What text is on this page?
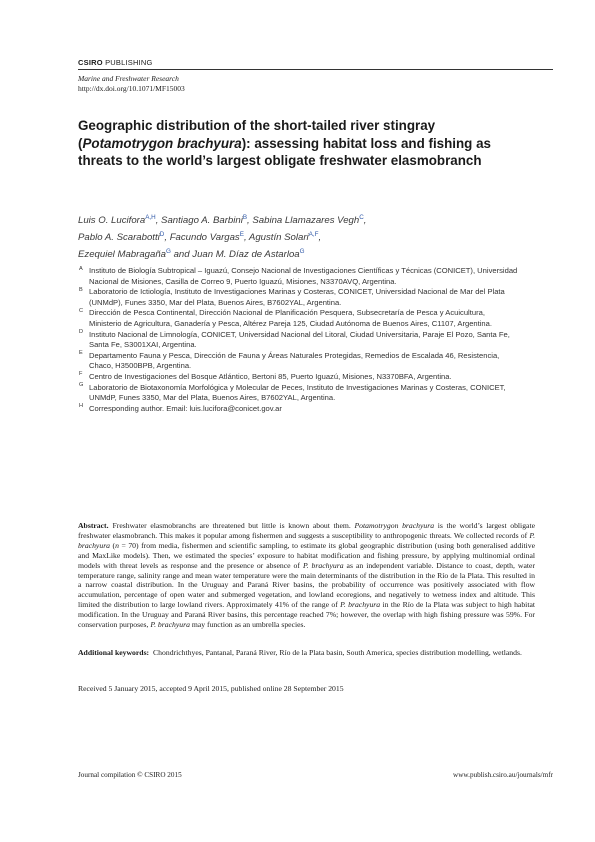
CSIRO PUBLISHING
Marine and Freshwater Research
http://dx.doi.org/10.1071/MF15003
Geographic distribution of the short-tailed river stingray (Potamotrygon brachyura): assessing habitat loss and fishing as threats to the world’s largest obligate freshwater elasmobranch
Luis O. Lucifora$^{A,H}$, Santiago A. Barbini$^B$, Sabina Llamazares Vegh$^C$,
Pablo A. Scarabotti$^D$, Facundo Vargas$^E$, Agustín Solari$^{A,F}$,
Ezequiel Mabragaña$^G$ and Juan M. Díaz de Astarloa$^G$
A Instituto de Biología Subtropical – Iguazú, Consejo Nacional de Investigaciones Científicas y Técnicas (CONICET), Universidad Nacional de Misiones, Casilla de Correo 9, Puerto Iguazú, Misiones, N3370AVQ, Argentina.
B Laboratorio de Ictiología, Instituto de Investigaciones Marinas y Costeras, CONICET, Universidad Nacional de Mar del Plata (UNMdP), Funes 3350, Mar del Plata, Buenos Aires, B7602YAL, Argentina.
C Dirección de Pesca Continental, Dirección Nacional de Planificación Pesquera, Subsecretaría de Pesca y Acuicultura, Ministerio de Agricultura, Ganadería y Pesca, Altérez Pareja 125, Ciudad Autónoma de Buenos Aires, C1107, Argentina.
D Instituto Nacional de Limnología, CONICET, Universidad Nacional del Litoral, Ciudad Universitaria, Paraje El Pozo, Santa Fe, Santa Fe, S3001XAI, Argentina.
E Departamento Fauna y Pesca, Dirección de Fauna y Áreas Naturales Protegidas, Remedios de Escalada 46, Resistencia, Chaco, H3500BPB, Argentina.
F Centro de Investigaciones del Bosque Atlántico, Bertoni 85, Puerto Iguazú, Misiones, N3370BFA, Argentina.
G Laboratorio de Biotaxonomía Morfológica y Molecular de Peces, Instituto de Investigaciones Marinas y Costeras, CONICET, UNMdP, Funes 3350, Mar del Plata, Buenos Aires, B7602YAL, Argentina.
H Corresponding author. Email: luis.lucifora@conicet.gov.ar

Abstract. Freshwater elasmobranchs are threatened but little is known about them. Potamotrygon brachyura is the world’s largest obligate freshwater elasmobranch. This makes it popular among fishermen and suggests a susceptibility to anthropogenic threats. We collected records of P. brachyura (n = 70) from media, fishermen and scientific sampling, to estimate its global geographic distribution (using both generalised additive and MaxLike models). Then, we estimated the species’ exposure to habitat modification and fishing pressure, by applying multinomial ordinal models with threat levels as response and the presence or absence of P. brachyura as an independent variable. Distance to coast, depth, water temperature range, salinity range and mean water temperature were the main determinants of the distribution in the Río de la Plata. This resulted in a narrow coastal distribution. In the Uruguay and Paraná River basins, the probability of occurrence was positively associated with flow accumulation, percentage of open water and submerged vegetation, and lowland ecoregions, and negatively to wetness index and altitude. This limited the distribution to large lowland rivers. Approximately 41% of the range of P. brachyura in the Río de la Plata was subject to high habitat modification. In the Uruguay and Paraná River basins, this percentage reached 7%; however, the overlap with high fishing pressure was 59%. For conservation purposes, P. brachyura may function as an umbrella species.

Additional keywords: Chondrichthyes, Pantanal, Paraná River, Río de la Plata basin, South America, species distribution modelling, wetlands.

Received 5 January 2015, accepted 9 April 2015, published online 28 September 2015
Journal compilation © CSIRO 2015	www.publish.csiro.au/journals/mfr
